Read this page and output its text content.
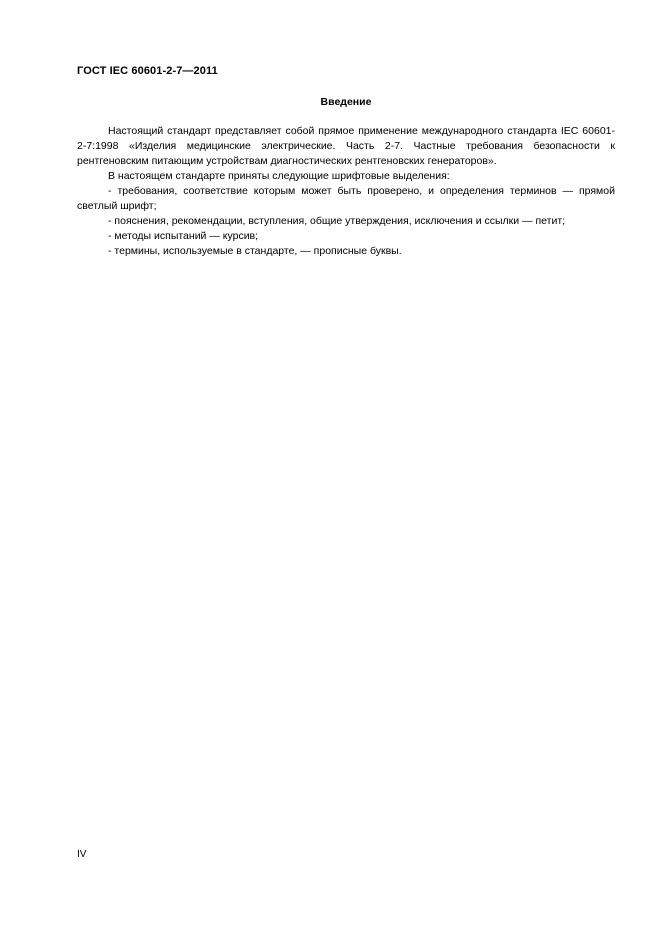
ГОСТ IEC 60601-2-7—2011
Введение

Настоящий стандарт представляет собой прямое применение международного стандарта IEC 60601-2-7:1998 «Изделия медицинские электрические. Часть 2-7. Частные требования безопасности к рентгеновским питающим устройствам диагностических рентгеновских генераторов».

В настоящем стандарте приняты следующие шрифтовые выделения:

- требования, соответствие которым может быть проверено, и определения терминов — прямой светлый шрифт;

- пояснения, рекомендации, вступления, общие утверждения, исключения и ссылки — петит;

- методы испытаний — курсив;

- термины, используемые в стандарте, — прописные буквы.

IV
